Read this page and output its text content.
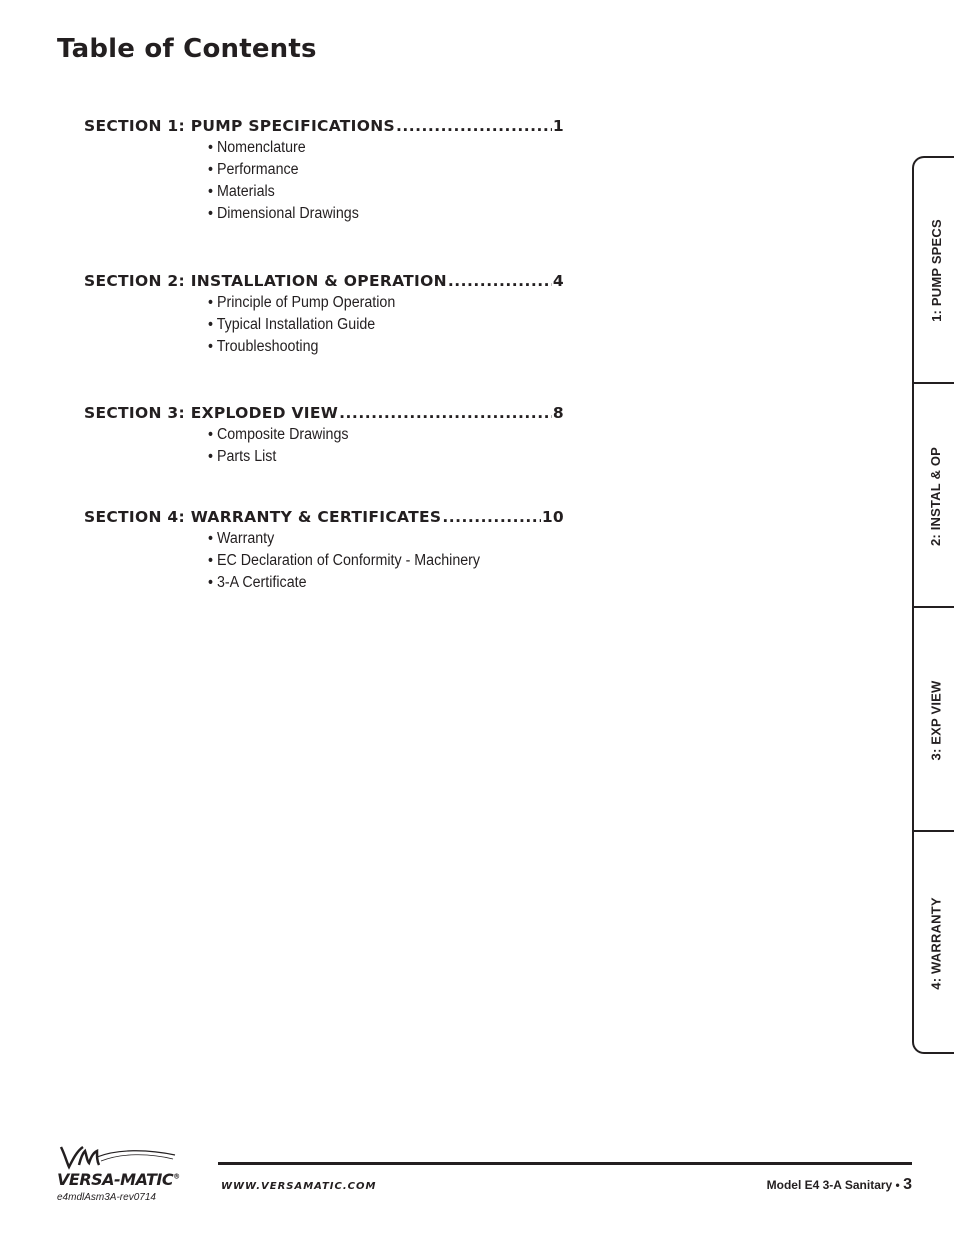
Table of Contents
SECTION 1: PUMP SPECIFICATIONS .....	1
• Nomenclature
• Performance
• Materials
• Dimensional Drawings
SECTION 2: INSTALLATION & OPERATION .....	4
• Principle of Pump Operation
• Typical Installation Guide
• Troubleshooting
SECTION 3: EXPLODED VIEW .....	8
• Composite Drawings
• Parts List
SECTION 4: WARRANTY & CERTIFICATES .....	10
• Warranty
• EC Declaration of Conformity - Machinery
• 3-A Certificate
1: PUMP SPECS
2: INSTAL & OP
3: EXP VIEW
4: WARRANTY
VERSA-MATIC®
e4mdlAsm3A-rev0714
WWW.VERSAMATIC.COM	Model E4 3-A Sanitary • 3
